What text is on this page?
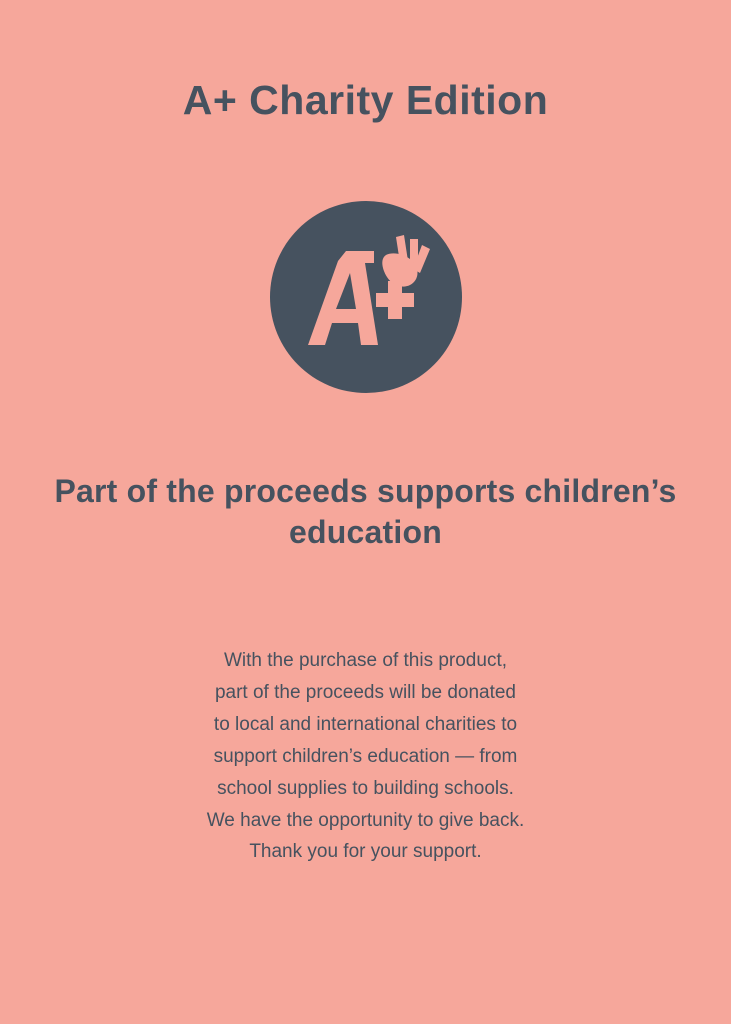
A+ Charity Edition
Part of the proceeds supports children’s education
With the purchase of this product,
part of the proceeds will be donated
to local and international charities to
support children’s education — from
school supplies to building schools.
We have the opportunity to give back.
Thank you for your support.
